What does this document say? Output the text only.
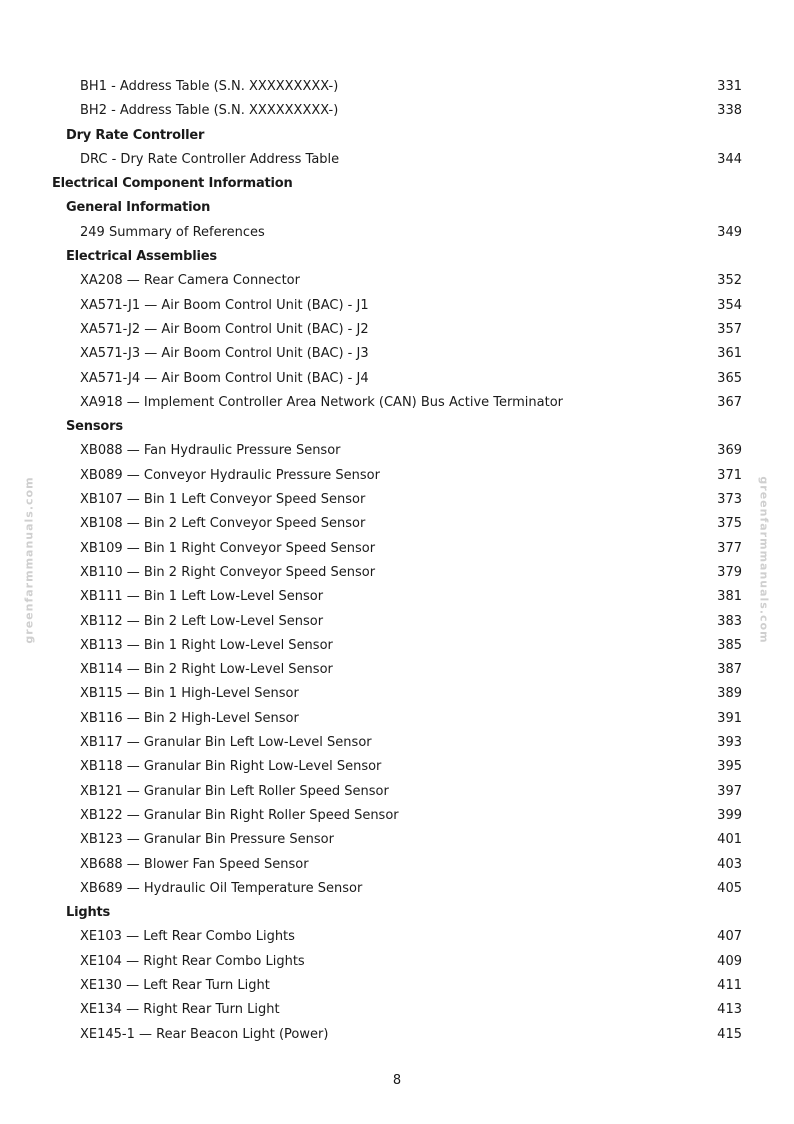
BH1 - Address Table (S.N. XXXXXXXXX-)	331
BH2 - Address Table (S.N. XXXXXXXXX-)	338
Dry Rate Controller
DRC - Dry Rate Controller Address Table	344
Electrical Component Information
General Information
249 Summary of References	349
Electrical Assemblies
XA208 — Rear Camera Connector	352
XA571-J1 — Air Boom Control Unit (BAC) - J1	354
XA571-J2 — Air Boom Control Unit (BAC) - J2	357
XA571-J3 — Air Boom Control Unit (BAC) - J3	361
XA571-J4 — Air Boom Control Unit (BAC) - J4	365
XA918 — Implement Controller Area Network (CAN) Bus Active Terminator	367
Sensors
XB088 — Fan Hydraulic Pressure Sensor	369
XB089 — Conveyor Hydraulic Pressure Sensor	371
XB107 — Bin 1 Left Conveyor Speed Sensor	373
XB108 — Bin 2 Left Conveyor Speed Sensor	375
XB109 — Bin 1 Right Conveyor Speed Sensor	377
XB110 — Bin 2 Right Conveyor Speed Sensor	379
XB111 — Bin 1 Left Low-Level Sensor	381
XB112 — Bin 2 Left Low-Level Sensor	383
XB113 — Bin 1 Right Low-Level Sensor	385
XB114 — Bin 2 Right Low-Level Sensor	387
XB115 — Bin 1 High-Level Sensor	389
XB116 — Bin 2 High-Level Sensor	391
XB117 — Granular Bin Left Low-Level Sensor	393
XB118 — Granular Bin Right Low-Level Sensor	395
XB121 — Granular Bin Left Roller Speed Sensor	397
XB122 — Granular Bin Right Roller Speed Sensor	399
XB123 — Granular Bin Pressure Sensor	401
XB688 — Blower Fan Speed Sensor	403
XB689 — Hydraulic Oil Temperature Sensor	405
Lights
XE103 — Left Rear Combo Lights	407
XE104 — Right Rear Combo Lights	409
XE130 — Left Rear Turn Light	411
XE134 — Right Rear Turn Light	413
XE145-1 — Rear Beacon Light (Power)	415
8
greenfarmmanuals.com	greenfarmmanuals.com
